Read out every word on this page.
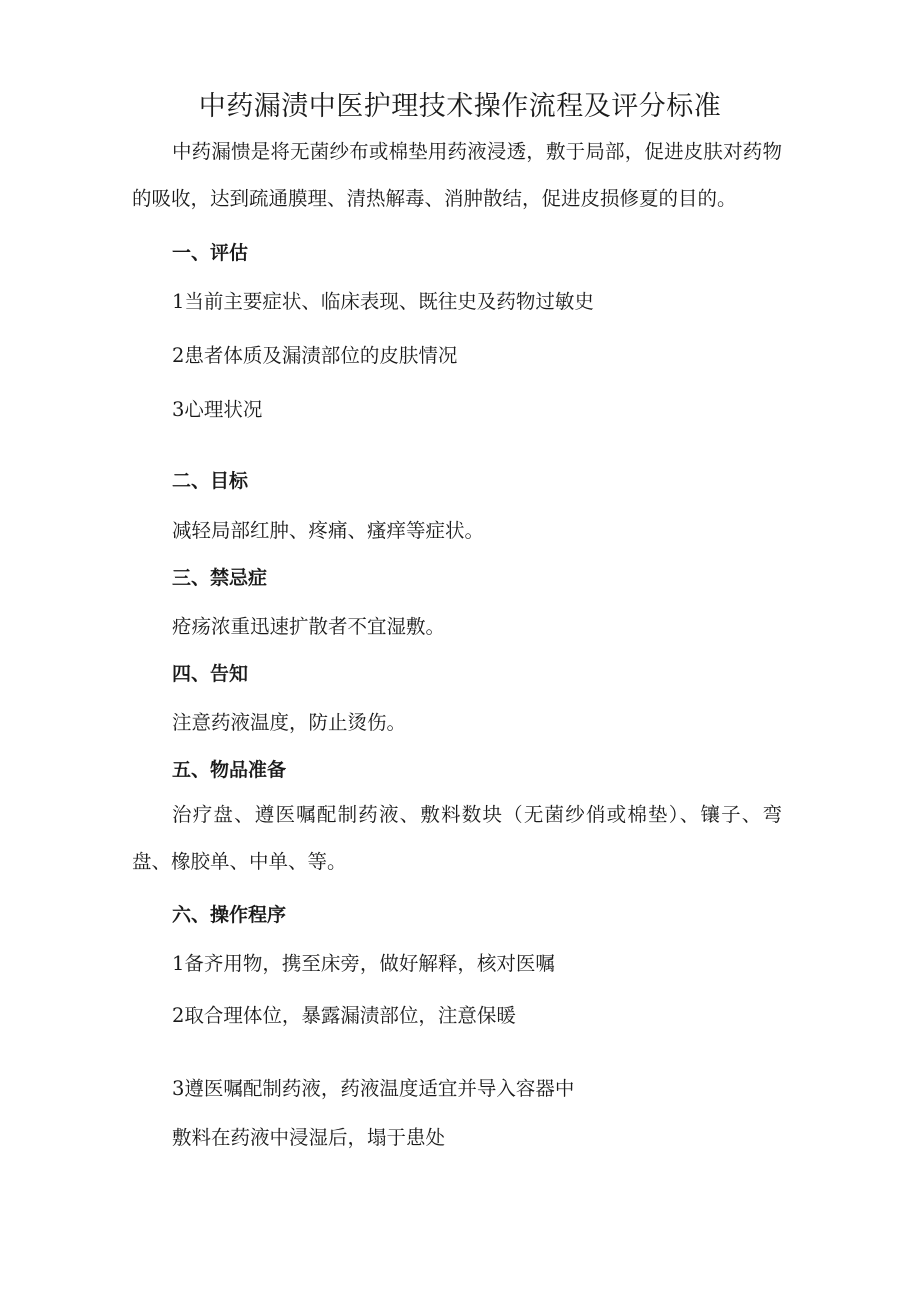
中药漏渍中医护理技术操作流程及评分标准
中药漏愦是将无菌纱布或棉垫用药液浸透，敷于局部，促进皮肤对药物的吸收，达到疏通膜理、清热解毒、消肿散结，促进皮损修夏的目的。
一、评估
1当前主要症状、临床表现、既往史及药物过敏史
2患者体质及漏渍部位的皮肤情况
3心理状况
二、目标
减轻局部红肿、疼痛、瘙痒等症状。
三、禁忌症
疮疡浓重迅速扩散者不宜湿敷。
四、告知
注意药液温度，防止烫伤。
五、物品准备
治疗盘、遵医嘱配制药液、敷料数块（无菌纱俏或棉垫）、镶子、弯盘、橡胶单、中单、等。
六、操作程序
1备齐用物，携至床旁，做好解释，核对医嘱
2取合理体位，暴露漏渍部位，注意保暖
3遵医嘱配制药液，药液温度适宜并导入容器中
敷料在药液中浸湿后，塌于患处
